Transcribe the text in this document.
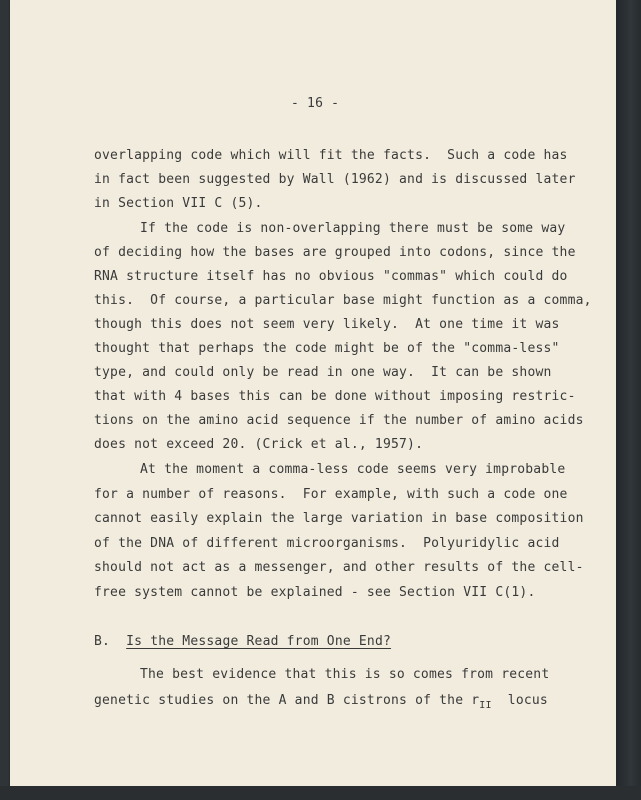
- 16 -
overlapping code which will fit the facts.  Such a code has
in fact been suggested by Wall (1962) and is discussed later
in Section VII C (5).
If the code is non-overlapping there must be some way
of deciding how the bases are grouped into codons, since the
RNA structure itself has no obvious "commas" which could do
this.  Of course, a particular base might function as a comma,
though this does not seem very likely.  At one time it was
thought that perhaps the code might be of the "comma-less"
type, and could only be read in one way.  It can be shown
that with 4 bases this can be done without imposing restric-
tions on the amino acid sequence if the number of amino acids
does not exceed 20. (Crick et al., 1957).
At the moment a comma-less code seems very improbable
for a number of reasons.  For example, with such a code one
cannot easily explain the large variation in base composition
of the DNA of different microorganisms.  Polyuridylic acid
should not act as a messenger, and other results of the cell-
free system cannot be explained - see Section VII C(1).
B. Is the Message Read from One End?
The best evidence that this is so comes from recent
genetic studies on the A and B cistrons of the $r_{II}$  locus
